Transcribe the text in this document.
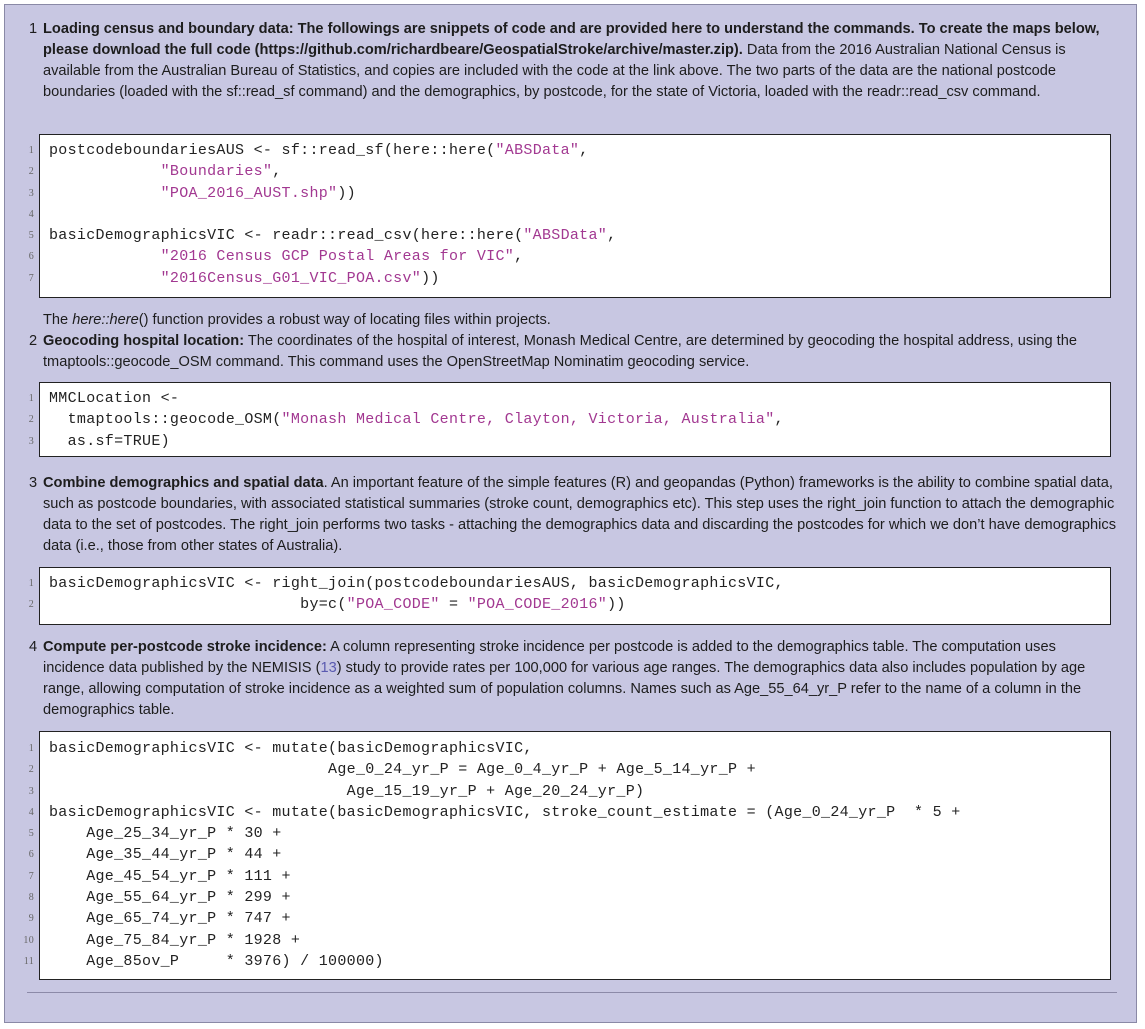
1 Loading census and boundary data: The followings are snippets of code and are provided here to understand the commands. To create the maps below, please download the full code (https://github.com/richardbeare/GeospatialStroke/archive/master.zip). Data from the 2016 Australian National Census is available from the Australian Bureau of Statistics, and copies are included with the code at the link above. The two parts of the data are the national postcode boundaries (loaded with the sf::read_sf command) and the demographics, by postcode, for the state of Victoria, loaded with the readr::read_csv command.
1 postcodeboundariesAUS <- sf::read_sf(here::here("ABSData",
2	"Boundaries",
3	"POA_2016_AUST.shp"))
4
5 basicDemographicsVIC <- readr::read_csv(here::here("ABSData",
6	"2016 Census GCP Postal Areas for VIC",
7	"2016Census_G01_VIC_POA.csv"))
The here::here() function provides a robust way of locating files within projects.
2 Geocoding hospital location: The coordinates of the hospital of interest, Monash Medical Centre, are determined by geocoding the hospital address, using the tmaptools::geocode_OSM command. This command uses the OpenStreetMap Nominatim geocoding service.
1 MMCLocation <-
2 tmaptools::geocode_OSM("Monash Medical Centre, Clayton, Victoria, Australia",
3 as.sf=TRUE)
3 Combine demographics and spatial data. An important feature of the simple features (R) and geopandas (Python) frameworks is the ability to combine spatial data, such as postcode boundaries, with associated statistical summaries (stroke count, demographics etc). This step uses the right_join function to attach the demographic data to the set of postcodes. The right_join performs two tasks - attaching the demographics data and discarding the postcodes for which we don’t have demographics data (i.e., those from other states of Australia).
1 basicDemographicsVIC <- right_join(postcodeboundariesAUS, basicDemographicsVIC,
2 by=c("POA_CODE" = "POA_CODE_2016"))
4 Compute per-postcode stroke incidence: A column representing stroke incidence per postcode is added to the demographics table. The computation uses incidence data published by the NEMISIS (13) study to provide rates per 100,000 for various age ranges. The demographics data also includes population by age range, allowing computation of stroke incidence as a weighted sum of population columns. Names such as Age_55_64_yr_P refer to the name of a column in the demographics table.
1 basicDemographicsVIC <- mutate(basicDemographicsVIC,
2 Age_0_24_yr_P = Age_0_4_yr_P + Age_5_14_yr_P +
3 Age_15_19_yr_P + Age_20_24_yr_P)
4 basicDemographicsVIC <- mutate(basicDemographicsVIC, stroke_count_estimate = (Age_0_24_yr_P  * 5 +
5 Age_25_34_yr_P * 30 +
6 Age_35_44_yr_P * 44 +
7 Age_45_54_yr_P * 111 +
8 Age_55_64_yr_P * 299 +
9 Age_65_74_yr_P * 747 +
10 Age_75_84_yr_P * 1928 +
11 Age_85ov_P     * 3976) / 100000)
